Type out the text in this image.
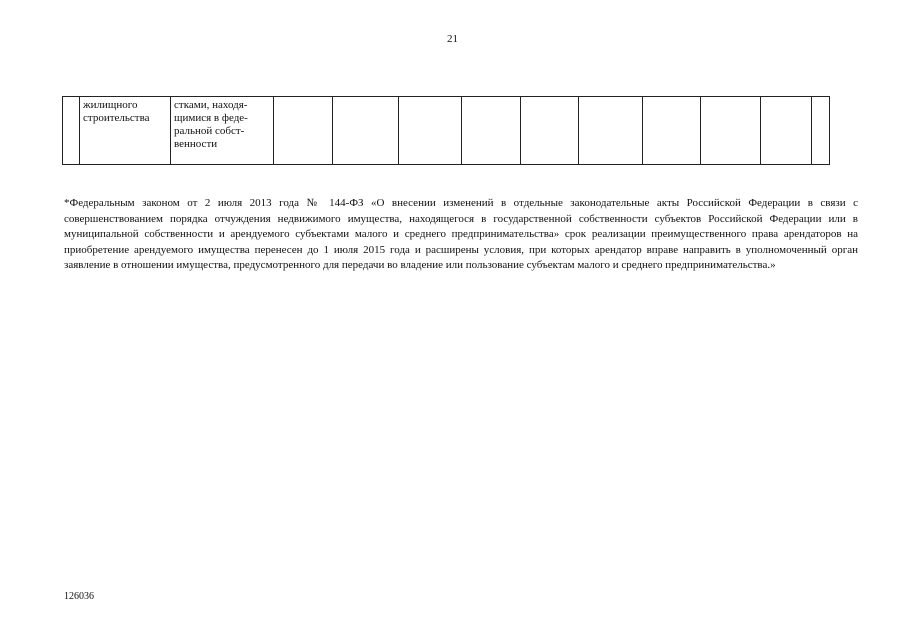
21
	жилищного строительства	стками, находя-щимися в феде-ральной собст-венности										
*Федеральным законом от 2 июля 2013 года № 144-ФЗ «О внесении изменений в отдельные законодательные акты Российской Федерации в связи с совершенствованием порядка отчуждения недвижимого имущества, находящегося в государственной собственности субъектов Российской Федерации или в муниципальной собственности и арендуемого субъектами малого и среднего предпринимательства» срок реализации преимущественного права арендаторов на приобретение арендуемого имущества перенесен до 1 июля 2015 года и расширены условия, при которых арендатор вправе направить в уполномоченный орган заявление в отношении имущества, предусмотренного для передачи во владение или пользование субъектам малого и среднего предпринимательства.»
126036
